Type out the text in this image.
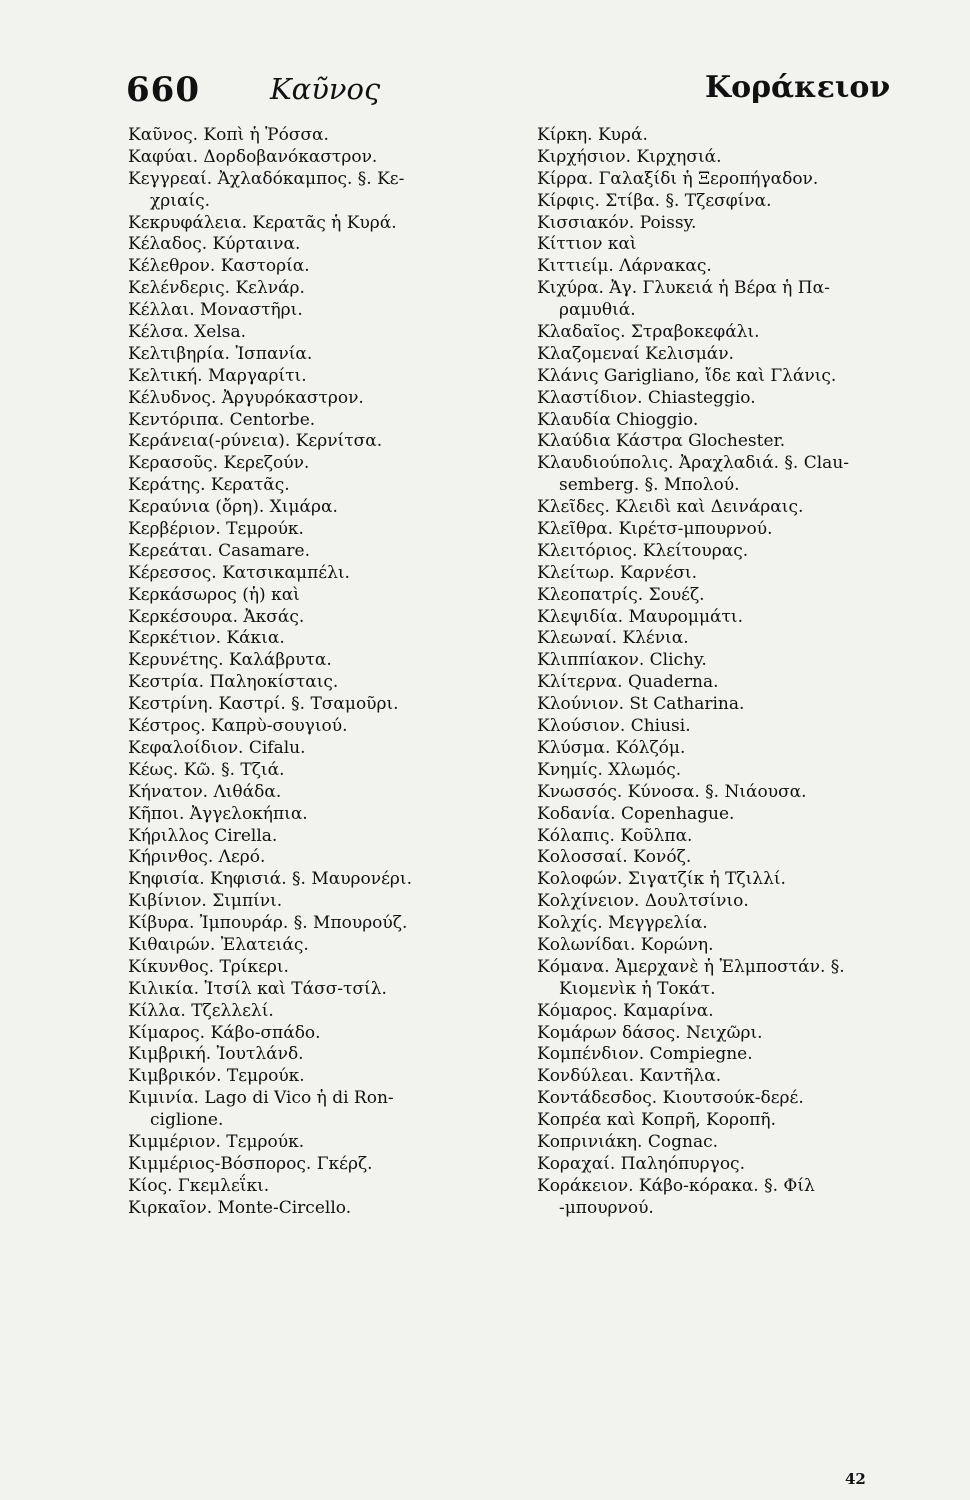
660 Καῦνος	Κοράκειον
Καῦνος. Κοπὶ ἡ Ῥόσσα.
Καφύαι. Δορδοβανόκαστρον.
Κεγγρεαί. Ἀχλαδόκαμπος. §. Κε-
χριαίς.
Κεκρυφάλεια. Κερατᾶς ἡ Κυρά.
Κέλαδος. Κύρταινα.
Κέλεθρον. Καστορία.
Κελένδερις. Κελνάρ.
Κέλλαι. Μοναστῆρι.
Κέλσα. Xelsa.
Κελτιβηρία. Ἰσπανία.
Κελτική. Μαργαρίτι.
Κέλυδνος. Ἀργυρόκαστρον.
Κεντόριπα. Centorbe.
Κεράνεια(-ρύνεια). Κερνίτσα.
Κερασοῦς. Κερεζούν.
Κεράτης. Κερατᾶς.
Κεραύνια (ὄρη). Χιμάρα.
Κερβέριον. Τεμρούκ.
Κερεάται. Casamare.
Κέρεσσος. Κατσικαμπέλι.
Κερκάσωρος (ἡ) καὶ
Κερκέσουρα. Ἀκσάς.
Κερκέτιον. Κάκια.
Κερυνέτης. Καλάβρυτα.
Κεστρία. Παληοκίσταις.
Κεστρίνη. Καστρί. §. Τσαμοῦρι.
Κέστρος. Καπρὺ-σουγιού.
Κεφαλοίδιον. Cifalu.
Κέως. Κῶ. §. Τζιά.
Κήνατον. Λιθάδα.
Κῆποι. Ἀγγελοκήπια.
Κήριλλος Cirella.
Κήρινθος. Λερό.
Κηφισία. Κηφισιά. §. Μαυρονέρι.
Κιβίνιον. Σιμπίνι.
Κίβυρα. Ἰμπουράρ. §. Μπουρούζ.
Κιθαιρών. Ἐλατειάς.
Κίκυνθος. Τρίκερι.
Κιλικία. Ἰτσίλ καὶ Τάσσ-τσίλ.
Κίλλα. Τζελλελί.
Κίμαρος. Κάβο-σπάδο.
Κιμβρική. Ἰουτλάνδ.
Κιμβρικόν. Τεμρούκ.
Κιμινία. Lago di Vico ἡ di Ron-
ciglione.
Κιμμέριον. Τεμρούκ.
Κιμμέριος-Βόσπορος. Γκέρζ.
Κίος. Γκεμλεΐκι.
Κιρκαῖον. Monte-Circello.
Κίρκη. Κυρά.
Κιρχήσιον. Κιρχησιά.
Κίρρα. Γαλαξίδι ἡ Ξεροπήγαδον.
Κίρφις. Στίβα. §. Τζεσφίνα.
Κισσιακόν. Poissy.
Κίττιον καὶ
Κιττιείμ. Λάρνακας.
Κιχύρα. Ἀγ. Γλυκειά ἡ Βέρα ἡ Πα-
ραμυθιά.
Κλαδαῖος. Στραβοκεφάλι.
Κλαζομεναί Κελισμάν.
Κλάνις Garigliano, ἴδε καὶ Γλάνις.
Κλαστίδιον. Chiasteggio.
Κλαυδία Chioggio.
Κλαύδια Κάστρα Glochester.
Κλαυδιούπολις. Ἀραχλαδιά. §. Clau-
semberg. §. Μπολού.
Κλεῖδες. Κλειδὶ καὶ Δεινάραις.
Κλεῖθρα. Κιρέτσ-μπουρνού.
Κλειτόριος. Κλείτουρας.
Κλείτωρ. Καρνέσι.
Κλεοπατρίς. Σουέζ.
Κλεψιδία. Μαυρομμάτι.
Κλεωναί. Κλένια.
Κλιππίακον. Clichy.
Κλίτερνα. Quaderna.
Κλούνιον. St Catharina.
Κλούσιον. Chiusi.
Κλύσμα. Κόλζόμ.
Κνημίς. Χλωμός.
Κνωσσός. Κύνοσα. §. Νιάουσα.
Κοδανία. Copenhague.
Κόλαπις. Κοῦλπα.
Κολοσσαί. Κονόζ.
Κολοφών. Σιγατζίκ ἡ Τζιλλί.
Κολχίνειον. Δουλτσίνιο.
Κολχίς. Μεγγρελία.
Κολωνίδαι. Κορώνη.
Κόμανα. Ἀμερχανὲ ἡ Ἐλμποστάν. §.
Κιομενὶκ ἡ Τοκάτ.
Κόμαρος. Καμαρίνα.
Κομάρων δάσος. Νειχῶρι.
Κομπένδιον. Compiegne.
Κονδύλεαι. Καντῆλα.
Κοντάδεσδος. Κιουτσούκ-δερέ.
Κοπρέα καὶ Κοπρῆ, Κοροπῆ.
Κοπρινιάκη. Cognac.
Κοραχαί. Παληόπυργος.
Κοράκειον. Κάβο-κόρακα. §. Φίλ
-μπουρνού.
42
